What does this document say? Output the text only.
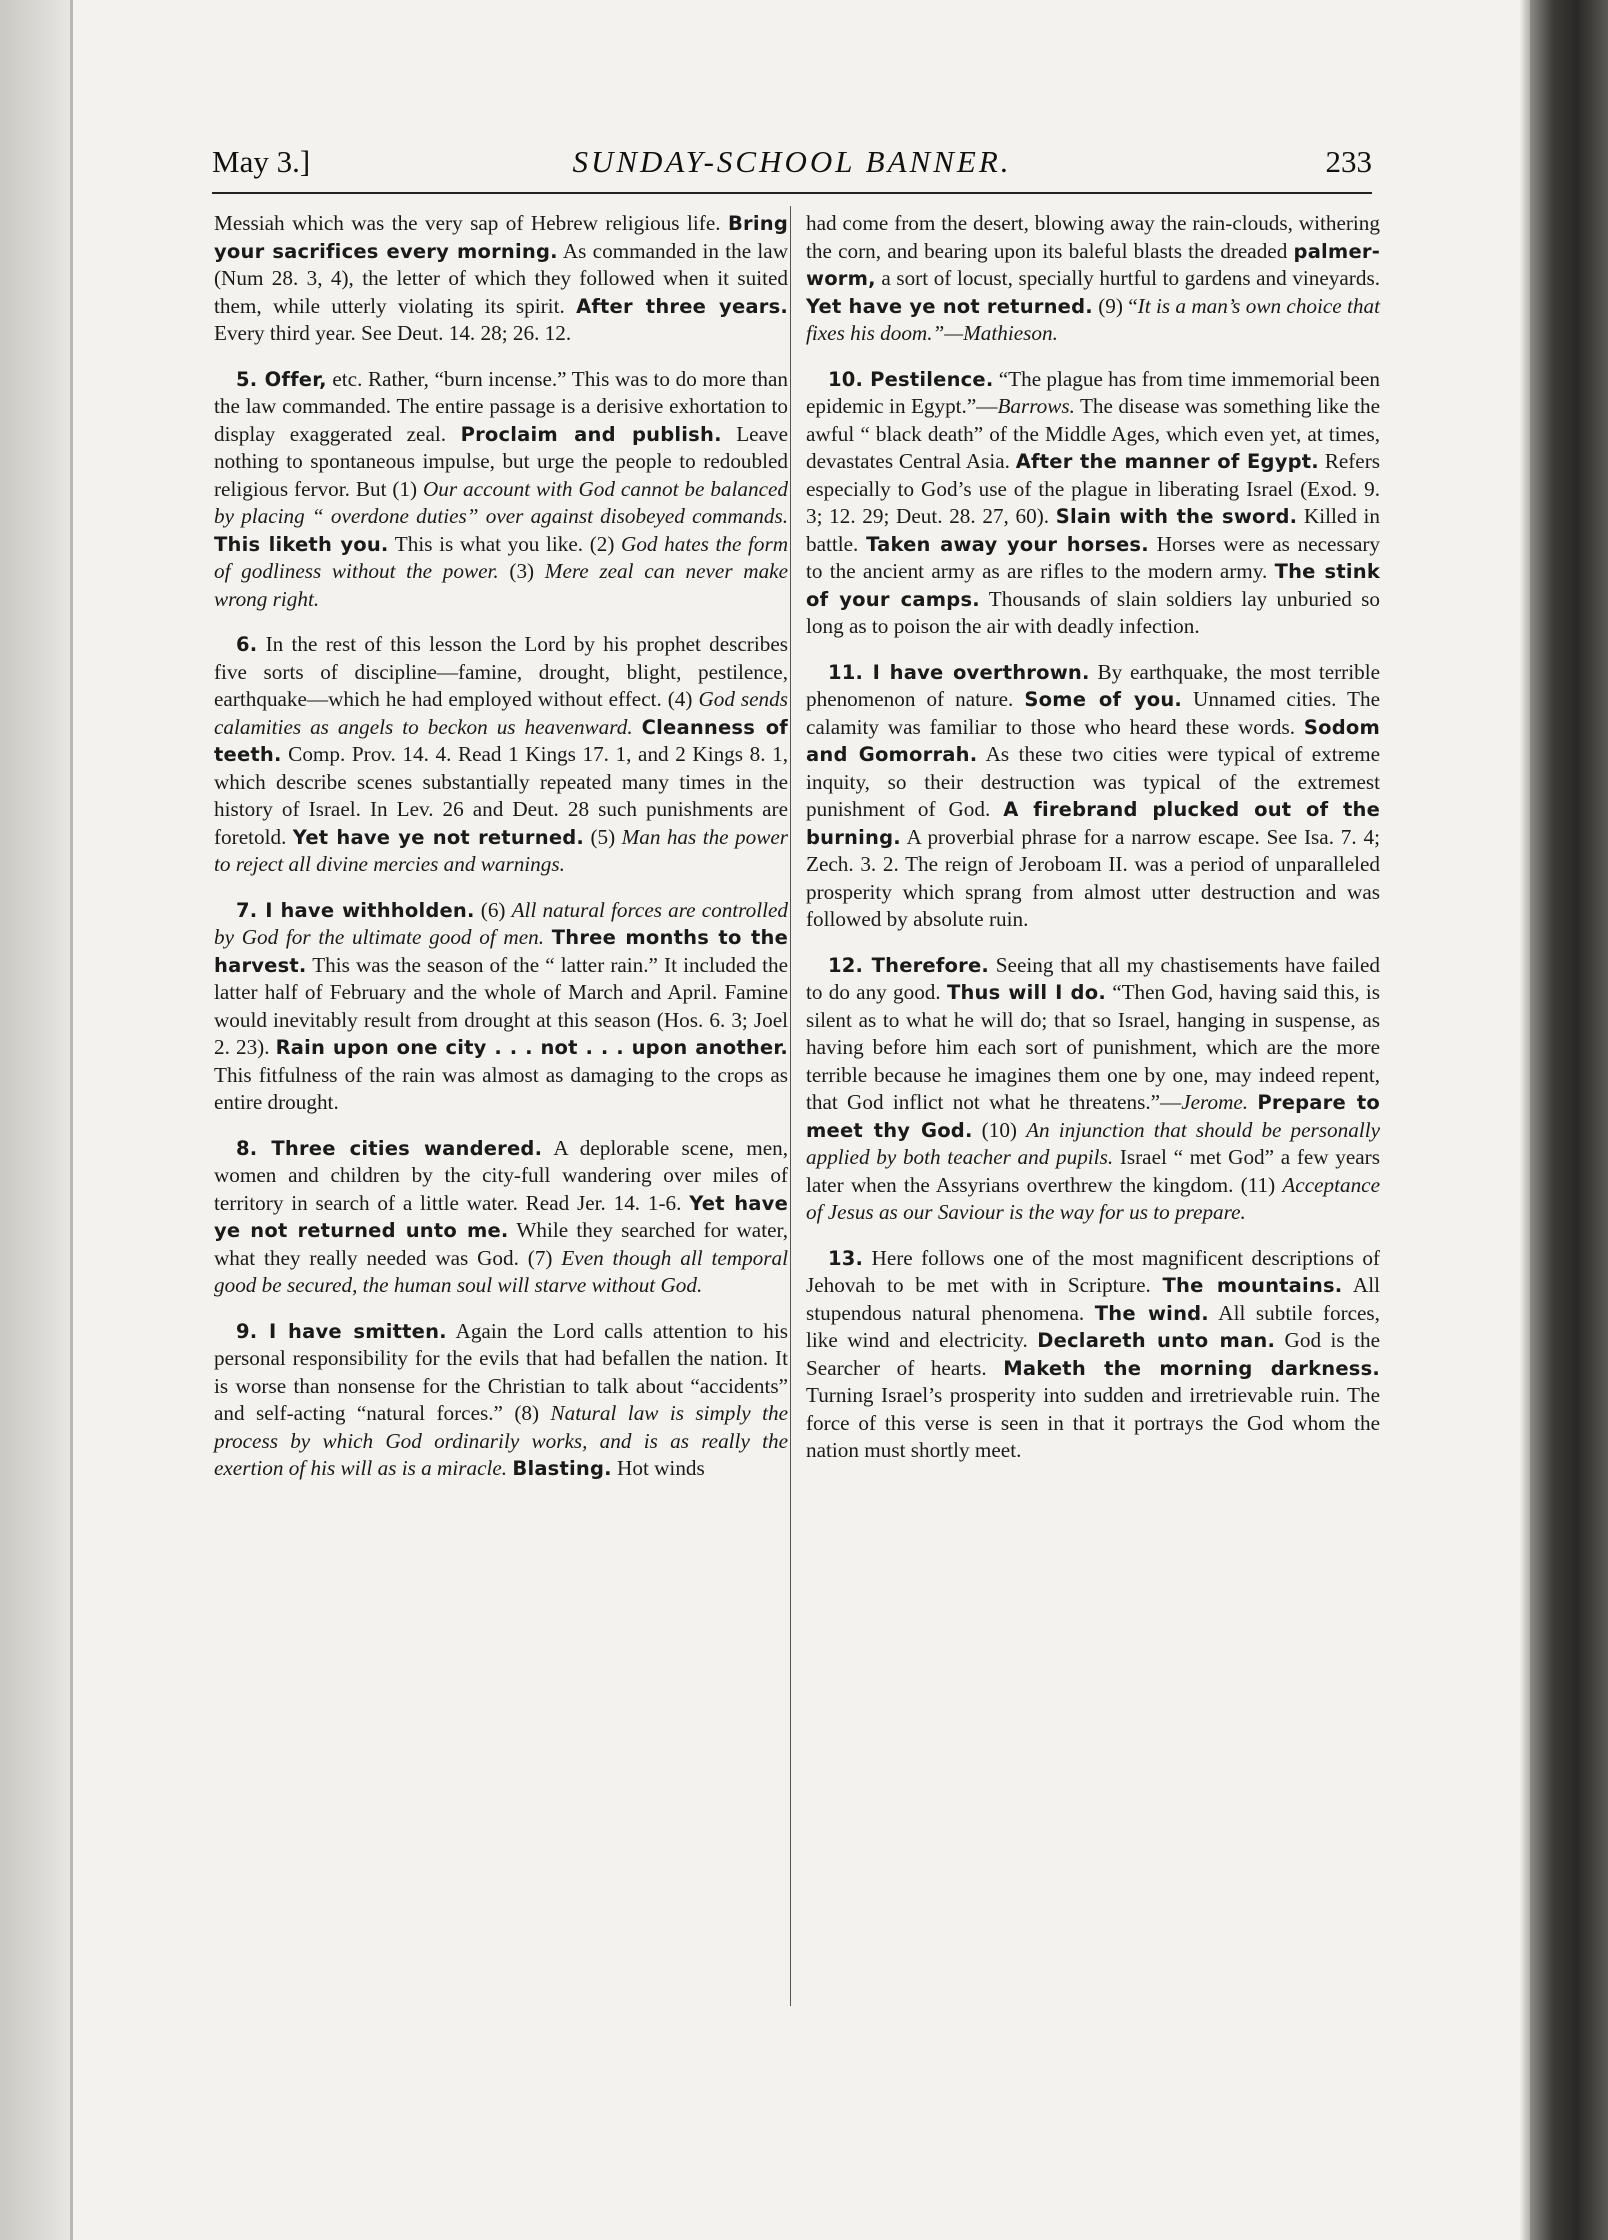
May 3.]	SUNDAY-SCHOOL BANNER.	233

Messiah which was the very sap of Hebrew religious life. Bring your sacrifices every morning. As commanded in the law (Num 28. 3, 4), the letter of which they followed when it suited them, while utterly violating its spirit. After three years. Every third year. See Deut. 14. 28; 26. 12.

5. Offer, etc. Rather, “burn incense.” This was to do more than the law commanded. The entire passage is a derisive exhortation to display exaggerated zeal. Proclaim and publish. Leave nothing to spontaneous impulse, but urge the people to redoubled religious fervor. But (1) Our account with God cannot be balanced by placing “ overdone duties” over against disobeyed commands. This liketh you. This is what you like. (2) God hates the form of godliness without the power. (3) Mere zeal can never make wrong right.

6. In the rest of this lesson the Lord by his prophet describes five sorts of discipline—famine, drought, blight, pestilence, earthquake—which he had employed without effect. (4) God sends calamities as angels to beckon us heavenward. Cleanness of teeth. Comp. Prov. 14. 4. Read 1 Kings 17. 1, and 2 Kings 8. 1, which describe scenes substantially repeated many times in the history of Israel. In Lev. 26 and Deut. 28 such punishments are foretold. Yet have ye not returned. (5) Man has the power to reject all divine mercies and warnings.

7. I have withholden. (6) All natural forces are controlled by God for the ultimate good of men. Three months to the harvest. This was the season of the “ latter rain.” It included the latter half of February and the whole of March and April. Famine would inevitably result from drought at this season (Hos. 6. 3; Joel 2. 23). Rain upon one city . . . not . . . upon another. This fitfulness of the rain was almost as damaging to the crops as entire drought.

8. Three cities wandered. A deplorable scene, men, women and children by the city-full wandering over miles of territory in search of a little water. Read Jer. 14. 1-6. Yet have ye not returned unto me. While they searched for water, what they really needed was God. (7) Even though all temporal good be secured, the human soul will starve without God.

9. I have smitten. Again the Lord calls attention to his personal responsibility for the evils that had befallen the nation. It is worse than nonsense for the Christian to talk about “accidents” and self-acting “natural forces.” (8) Natural law is simply the process by which God ordinarily works, and is as really the exertion of his will as is a miracle. Blasting. Hot winds

had come from the desert, blowing away the rain-clouds, withering the corn, and bearing upon its baleful blasts the dreaded palmer-worm, a sort of locust, specially hurtful to gardens and vineyards. Yet have ye not returned. (9) “It is a man’s own choice that fixes his doom.”—Mathieson.

10. Pestilence. “The plague has from time immemorial been epidemic in Egypt.”—Barrows. The disease was something like the awful “ black death” of the Middle Ages, which even yet, at times, devastates Central Asia. After the manner of Egypt. Refers especially to God’s use of the plague in liberating Israel (Exod. 9. 3; 12. 29; Deut. 28. 27, 60). Slain with the sword. Killed in battle. Taken away your horses. Horses were as necessary to the ancient army as are rifles to the modern army. The stink of your camps. Thousands of slain soldiers lay unburied so long as to poison the air with deadly infection.

11. I have overthrown. By earthquake, the most terrible phenomenon of nature. Some of you. Unnamed cities. The calamity was familiar to those who heard these words. Sodom and Gomorrah. As these two cities were typical of extreme inquity, so their destruction was typical of the extremest punishment of God. A firebrand plucked out of the burning. A proverbial phrase for a narrow escape. See Isa. 7. 4; Zech. 3. 2. The reign of Jeroboam II. was a period of unparalleled prosperity which sprang from almost utter destruction and was followed by absolute ruin.

12. Therefore. Seeing that all my chastisements have failed to do any good. Thus will I do. “Then God, having said this, is silent as to what he will do; that so Israel, hanging in suspense, as having before him each sort of punishment, which are the more terrible because he imagines them one by one, may indeed repent, that God inflict not what he threatens.”—Jerome. Prepare to meet thy God. (10) An injunction that should be personally applied by both teacher and pupils. Israel “ met God” a few years later when the Assyrians overthrew the kingdom. (11) Acceptance of Jesus as our Saviour is the way for us to prepare.

13. Here follows one of the most magnificent descriptions of Jehovah to be met with in Scripture. The mountains. All stupendous natural phenomena. The wind. All subtile forces, like wind and electricity. Declareth unto man. God is the Searcher of hearts. Maketh the morning darkness. Turning Israel’s prosperity into sudden and irretrievable ruin. The force of this verse is seen in that it portrays the God whom the nation must shortly meet.
